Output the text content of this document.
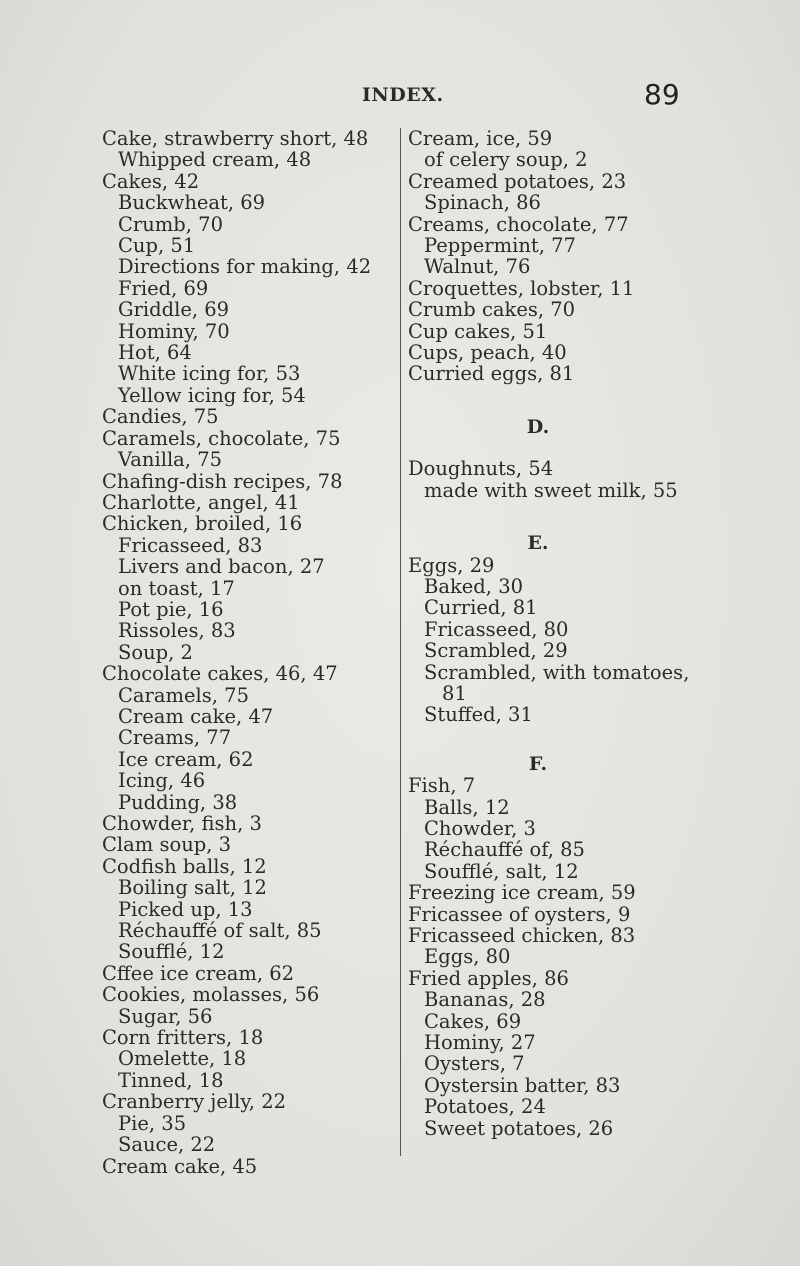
INDEX.	89
Cake, strawberry short, 48
Whipped cream, 48
Cakes, 42
Buckwheat, 69
Crumb, 70
Cup, 51
Directions for making, 42
Fried, 69
Griddle, 69
Hominy, 70
Hot, 64
White icing for, 53
Yellow icing for, 54
Candies, 75
Caramels, chocolate, 75
Vanilla, 75
Chafing-dish recipes, 78
Charlotte, angel, 41
Chicken, broiled, 16
Fricasseed, 83
Livers and bacon, 27
on toast, 17
Pot pie, 16
Rissoles, 83
Soup, 2
Chocolate cakes, 46, 47
Caramels, 75
Cream cake, 47
Creams, 77
Ice cream, 62
Icing, 46
Pudding, 38
Chowder, fish, 3
Clam soup, 3
Codfish balls, 12
Boiling salt, 12
Picked up, 13
Réchauffé of salt, 85
Soufflé, 12
Cffee ice cream, 62
Cookies, molasses, 56
Sugar, 56
Corn fritters, 18
Omelette, 18
Tinned, 18
Cranberry jelly, 22
Pie, 35
Sauce, 22
Cream cake, 45
Cream, ice, 59
of celery soup, 2
Creamed potatoes, 23
Spinach, 86
Creams, chocolate, 77
Peppermint, 77
Walnut, 76
Croquettes, lobster, 11
Crumb cakes, 70
Cup cakes, 51
Cups, peach, 40
Curried eggs, 81
D.
Doughnuts, 54
made with sweet milk, 55
E.
Eggs, 29
Baked, 30
Curried, 81
Fricasseed, 80
Scrambled, 29
Scrambled, with tomatoes,
81
Stuffed, 31
F.
Fish, 7
Balls, 12
Chowder, 3
Réchauffé of, 85
Soufflé, salt, 12
Freezing ice cream, 59
Fricassee of oysters, 9
Fricasseed chicken, 83
Eggs, 80
Fried apples, 86
Bananas, 28
Cakes, 69
Hominy, 27
Oysters, 7
Oystersin batter, 83
Potatoes, 24
Sweet potatoes, 26
